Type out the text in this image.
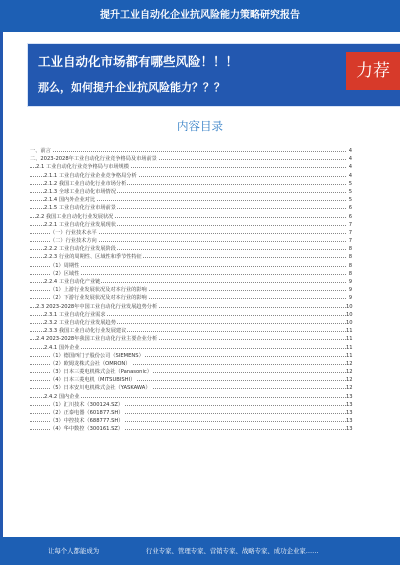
提升工业自动化企业抗风险能力策略研究报告
工业自动化市场都有哪些风险！！！
那么，如何提升企业抗风险能力？？？
力荐
内容目录
一、前言	4
二、2023-2028年工业自动化行业竞争格局及市场前景	4
2.1 工业自动化行业竞争格局与市场规模	4
2.1.1 工业自动化行业企业竞争格局分析	4
2.1.2 我国工业自动化行业市场分析	5
2.1.3 全球工业自动化市场情况	5
2.1.4 国内外企业对比	5
2.1.5 工业自动化行业市场前景	6
2.2 我国工业自动化行业发展状况	6
2.2.1 工业自动化行业发展现状	7
（一）行业技术水平	7
（二）行业技术方向	7
2.2.2 工业自动化行业发展阶段	8
2.2.3 行业的周期性、区域性和季节性特征	8
（1）周期性	8
（2）区域性	8
2.2.4 工业自动化产业链	9
（1）上游行业发展状况及对本行业的影响	9
（2）下游行业发展状况及对本行业的影响	9
2.3 2023-2028年中国工业自动化行业发展趋势分析	10
2.3.1 工业自动化行业需求	10
2.3.2 工业自动化行业发展趋势	10
2.3.3 我国工业自动化行业发展建议	11
2.4 2023-2028年我国工业自动化行业主要企业分析	11
2.4.1 国外企业	11
（1）德国西门子股份公司（SIEMENS）	11
（2）欧姆龙株式会社（OMRON）	12
（3）日本三菱电机株式会社（Panasonic）	12
（4）日本三菱电机（MITSUBISHI）	12
（5）日本安川电机株式会社（YASKAWA）	12
2.4.2 国内企业	13
（1）汇川技术（300124.SZ）	13
（2）正泰电器（601877.SH）	13
（3）中控技术（688777.SH）	13
（4）华中数控（300161.SZ）	13
让每个人都能成为	行业专家、管理专家、营销专家、战略专家、成功企业家……
